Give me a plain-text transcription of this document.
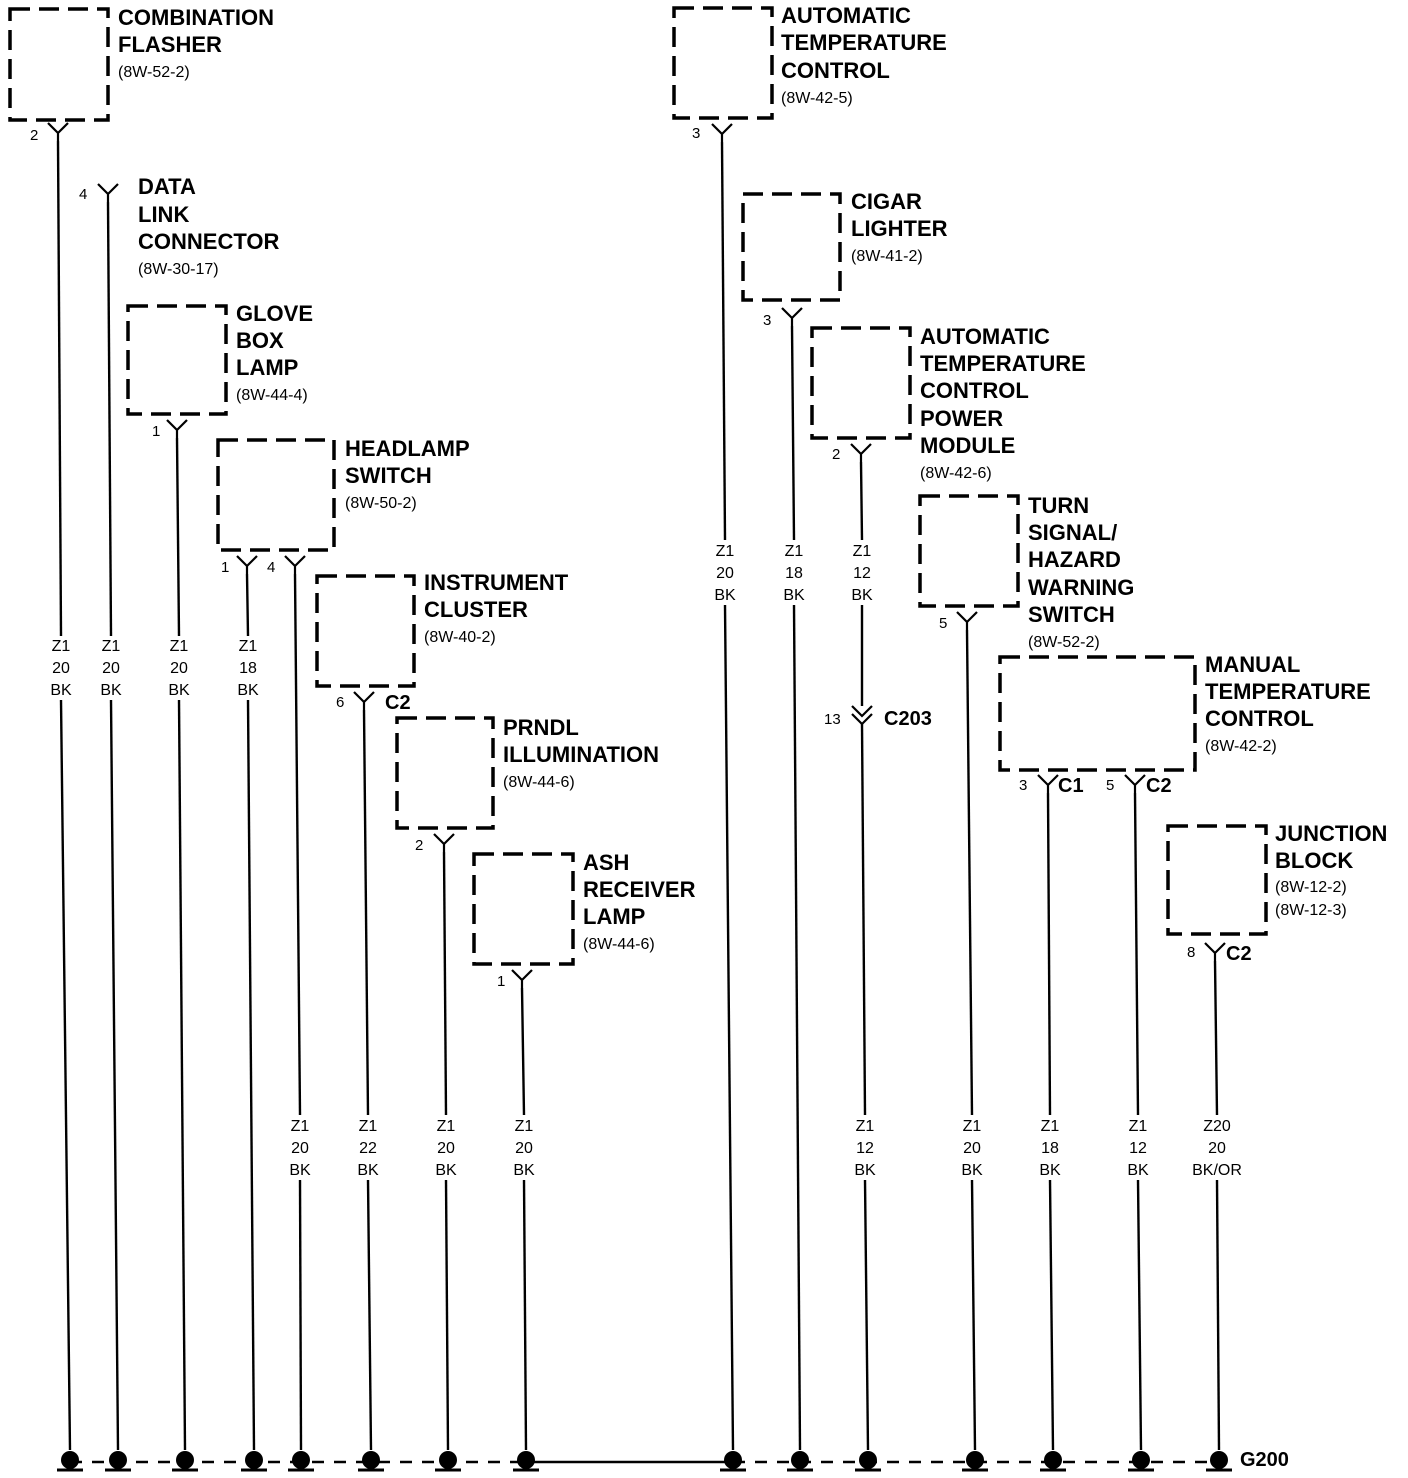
COMBINATION FLASHER
(8W-52-2)
DATA LINK CONNECTOR
(8W-30-17)
GLOVE BOX LAMP
(8W-44-4)
HEADLAMP SWITCH
(8W-50-2)
INSTRUMENT CLUSTER
(8W-40-2)
PRNDL ILLUMINATION
(8W-44-6)
ASH RECEIVER LAMP
(8W-44-6)
AUTOMATIC TEMPERATURE CONTROL
(8W-42-5)
CIGAR LIGHTER
(8W-41-2)
AUTOMATIC TEMPERATURE CONTROL POWER MODULE
(8W-42-6)
TURN SIGNAL/ HAZARD WARNING SWITCH
(8W-52-2)
MANUAL TEMPERATURE CONTROL
(8W-42-2)
JUNCTION BLOCK
(8W-12-2)
(8W-12-3)
2
4
1
1	4
6
2
1
3
3
2
5
3	5
8
13
C2
C1	C2
C2
C203
Z1
20
BK
Z1
20
BK
Z1
20
BK
Z1
18
BK
Z1
20
BK
Z1
22
BK
Z1
20
BK
Z1
20
BK
Z1
20
BK
Z1
18
BK
Z1
12
BK
Z1
12
BK
Z1
20
BK
Z1
18
BK
Z1
12
BK
Z20
20
BK/OR
G200
